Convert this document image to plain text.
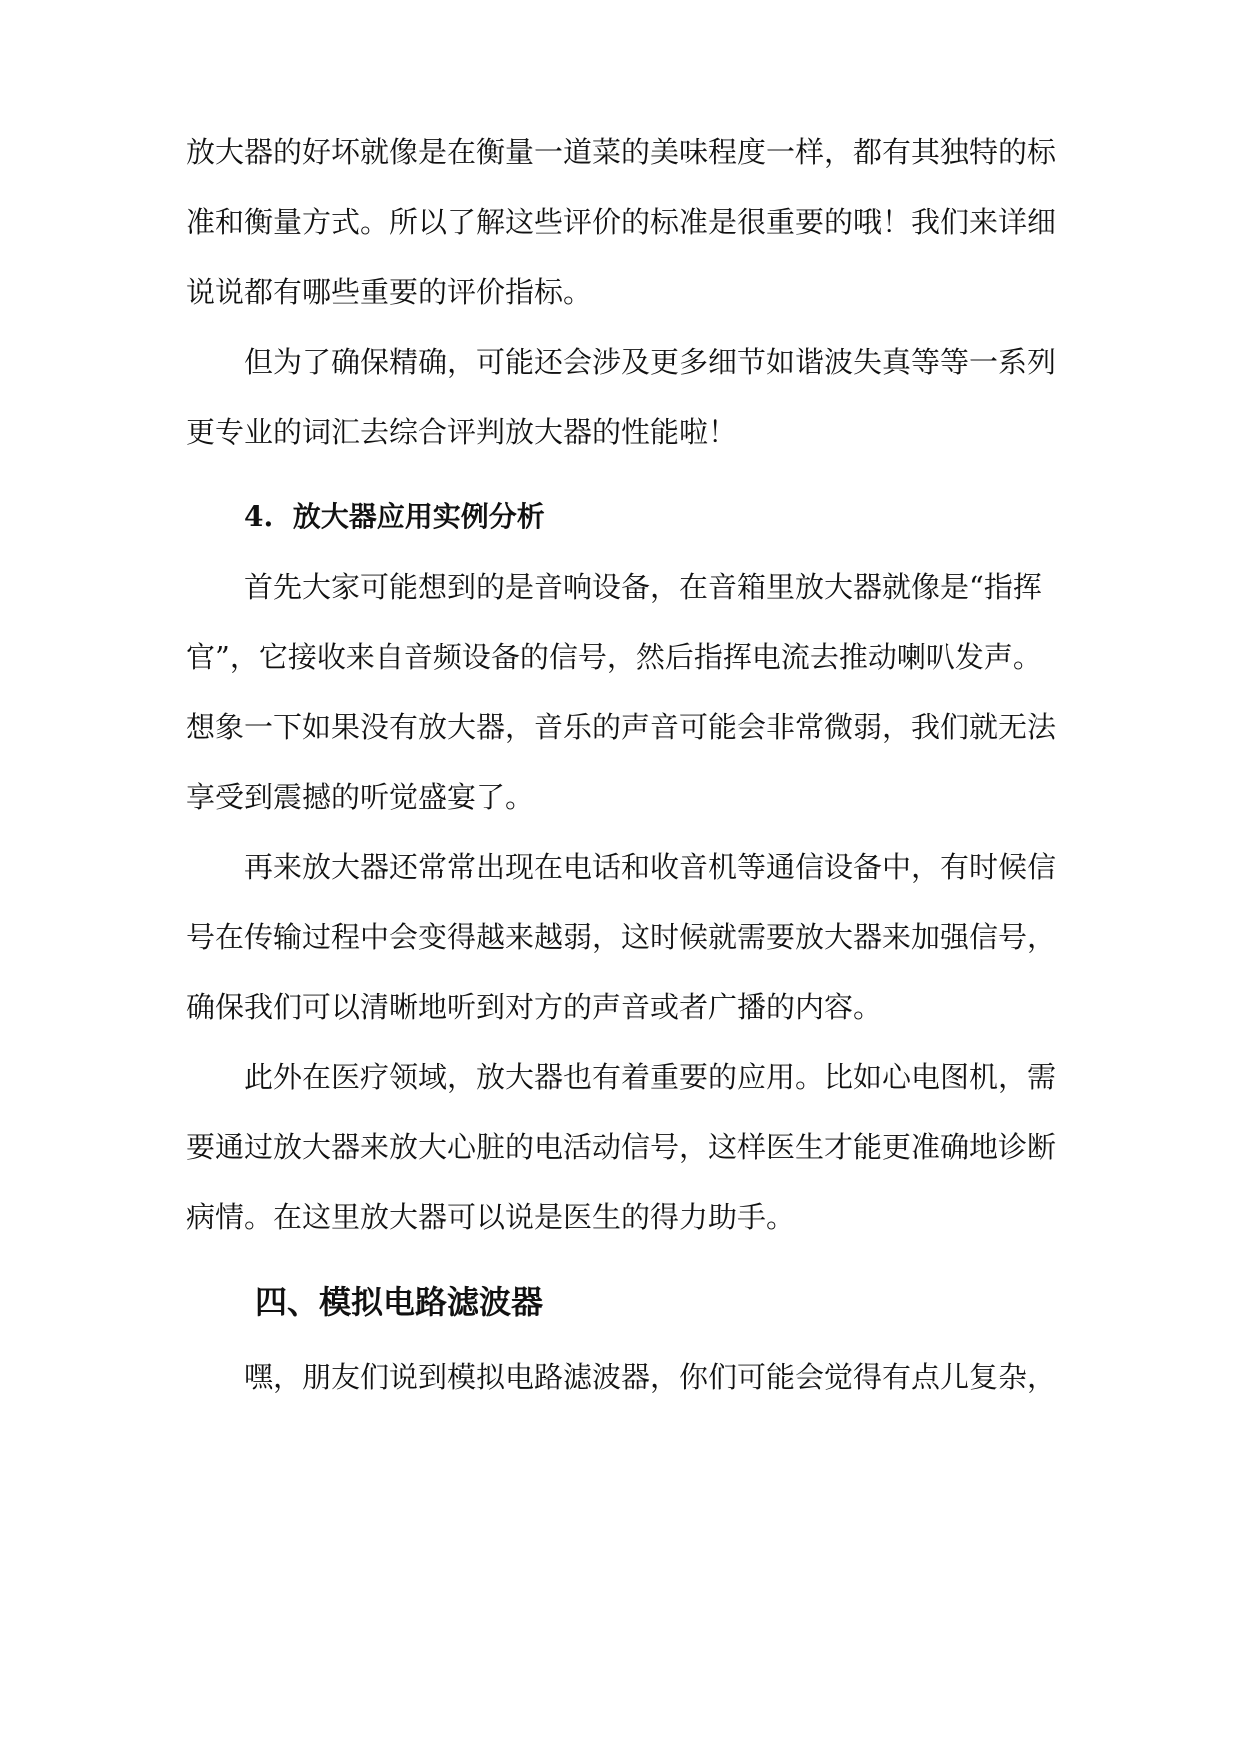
放大器的好坏就像是在衡量一道菜的美味程度一样，都有其独特的标
准和衡量方式。所以了解这些评价的标准是很重要的哦！我们来详细
说说都有哪些重要的评价指标。
但为了确保精确，可能还会涉及更多细节如谐波失真等等一系列
更专业的词汇去综合评判放大器的性能啦！
4. 放大器应用实例分析
首先大家可能想到的是音响设备，在音箱里放大器就像是“指挥
官”，它接收来自音频设备的信号，然后指挥电流去推动喇叭发声。
想象一下如果没有放大器，音乐的声音可能会非常微弱，我们就无法
享受到震撼的听觉盛宴了。
再来放大器还常常出现在电话和收音机等通信设备中，有时候信
号在传输过程中会变得越来越弱，这时候就需要放大器来加强信号，
确保我们可以清晰地听到对方的声音或者广播的内容。
此外在医疗领域，放大器也有着重要的应用。比如心电图机，需
要通过放大器来放大心脏的电活动信号，这样医生才能更准确地诊断
病情。在这里放大器可以说是医生的得力助手。
四、模拟电路滤波器
嘿，朋友们说到模拟电路滤波器，你们可能会觉得有点儿复杂，
